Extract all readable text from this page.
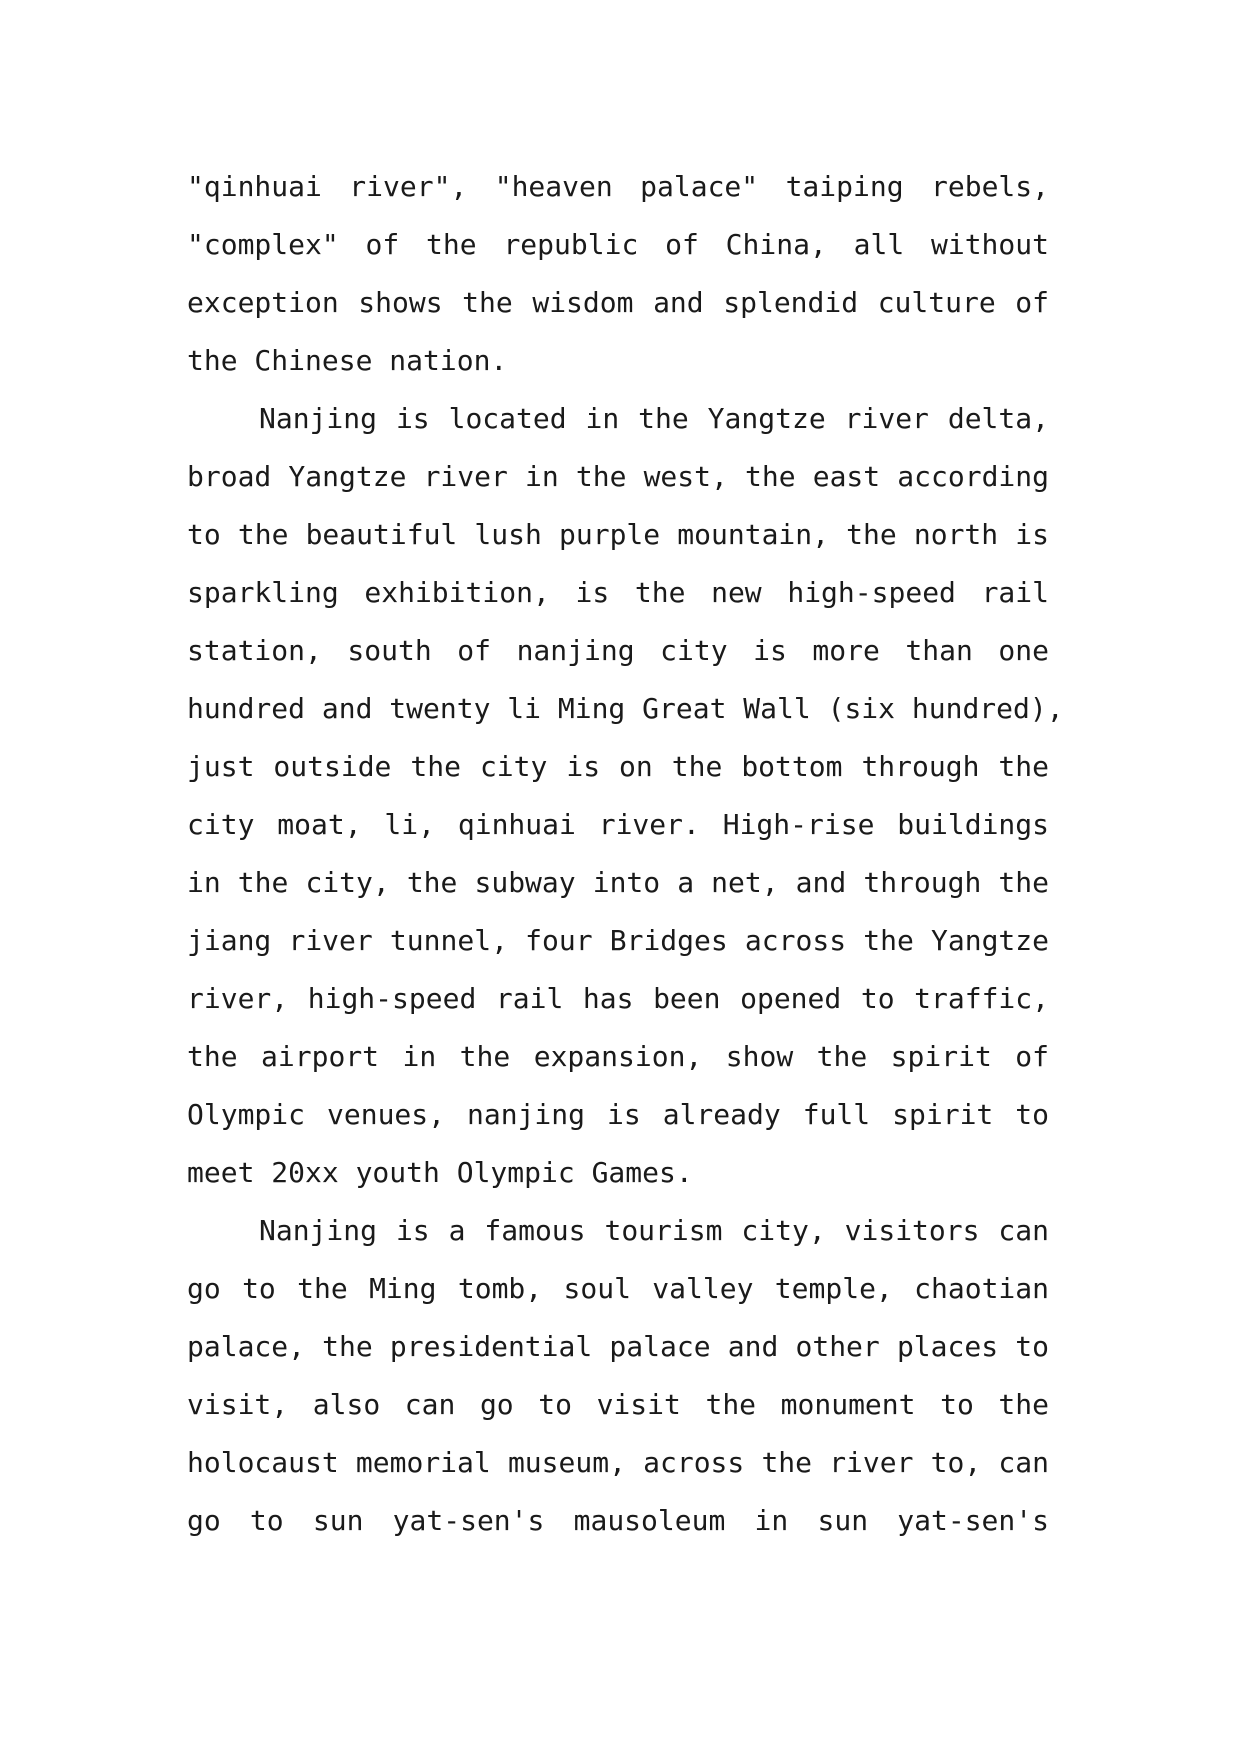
"qinhuai river", "heaven palace" taiping rebels,
"complex" of the republic of China, all without
exception shows the wisdom and splendid culture of
the Chinese nation.
Nanjing is located in the Yangtze river delta,
broad Yangtze river in the west, the east according
to the beautiful lush purple mountain, the north is
sparkling exhibition, is the new high-speed rail
station, south of nanjing city is more than one
hundred and twenty li Ming Great Wall (six hundred),
just outside the city is on the bottom through the
city moat, li, qinhuai river. High-rise buildings
in the city, the subway into a net, and through the
jiang river tunnel, four Bridges across the Yangtze
river, high-speed rail has been opened to traffic,
the airport in the expansion, show the spirit of
Olympic venues, nanjing is already full spirit to
meet 20xx youth Olympic Games.
Nanjing is a famous tourism city, visitors can
go to the Ming tomb, soul valley temple, chaotian
palace, the presidential palace and other places to
visit, also can go to visit the monument to the
holocaust memorial museum, across the river to, can
go to sun yat-sen's mausoleum in sun yat-sen's
